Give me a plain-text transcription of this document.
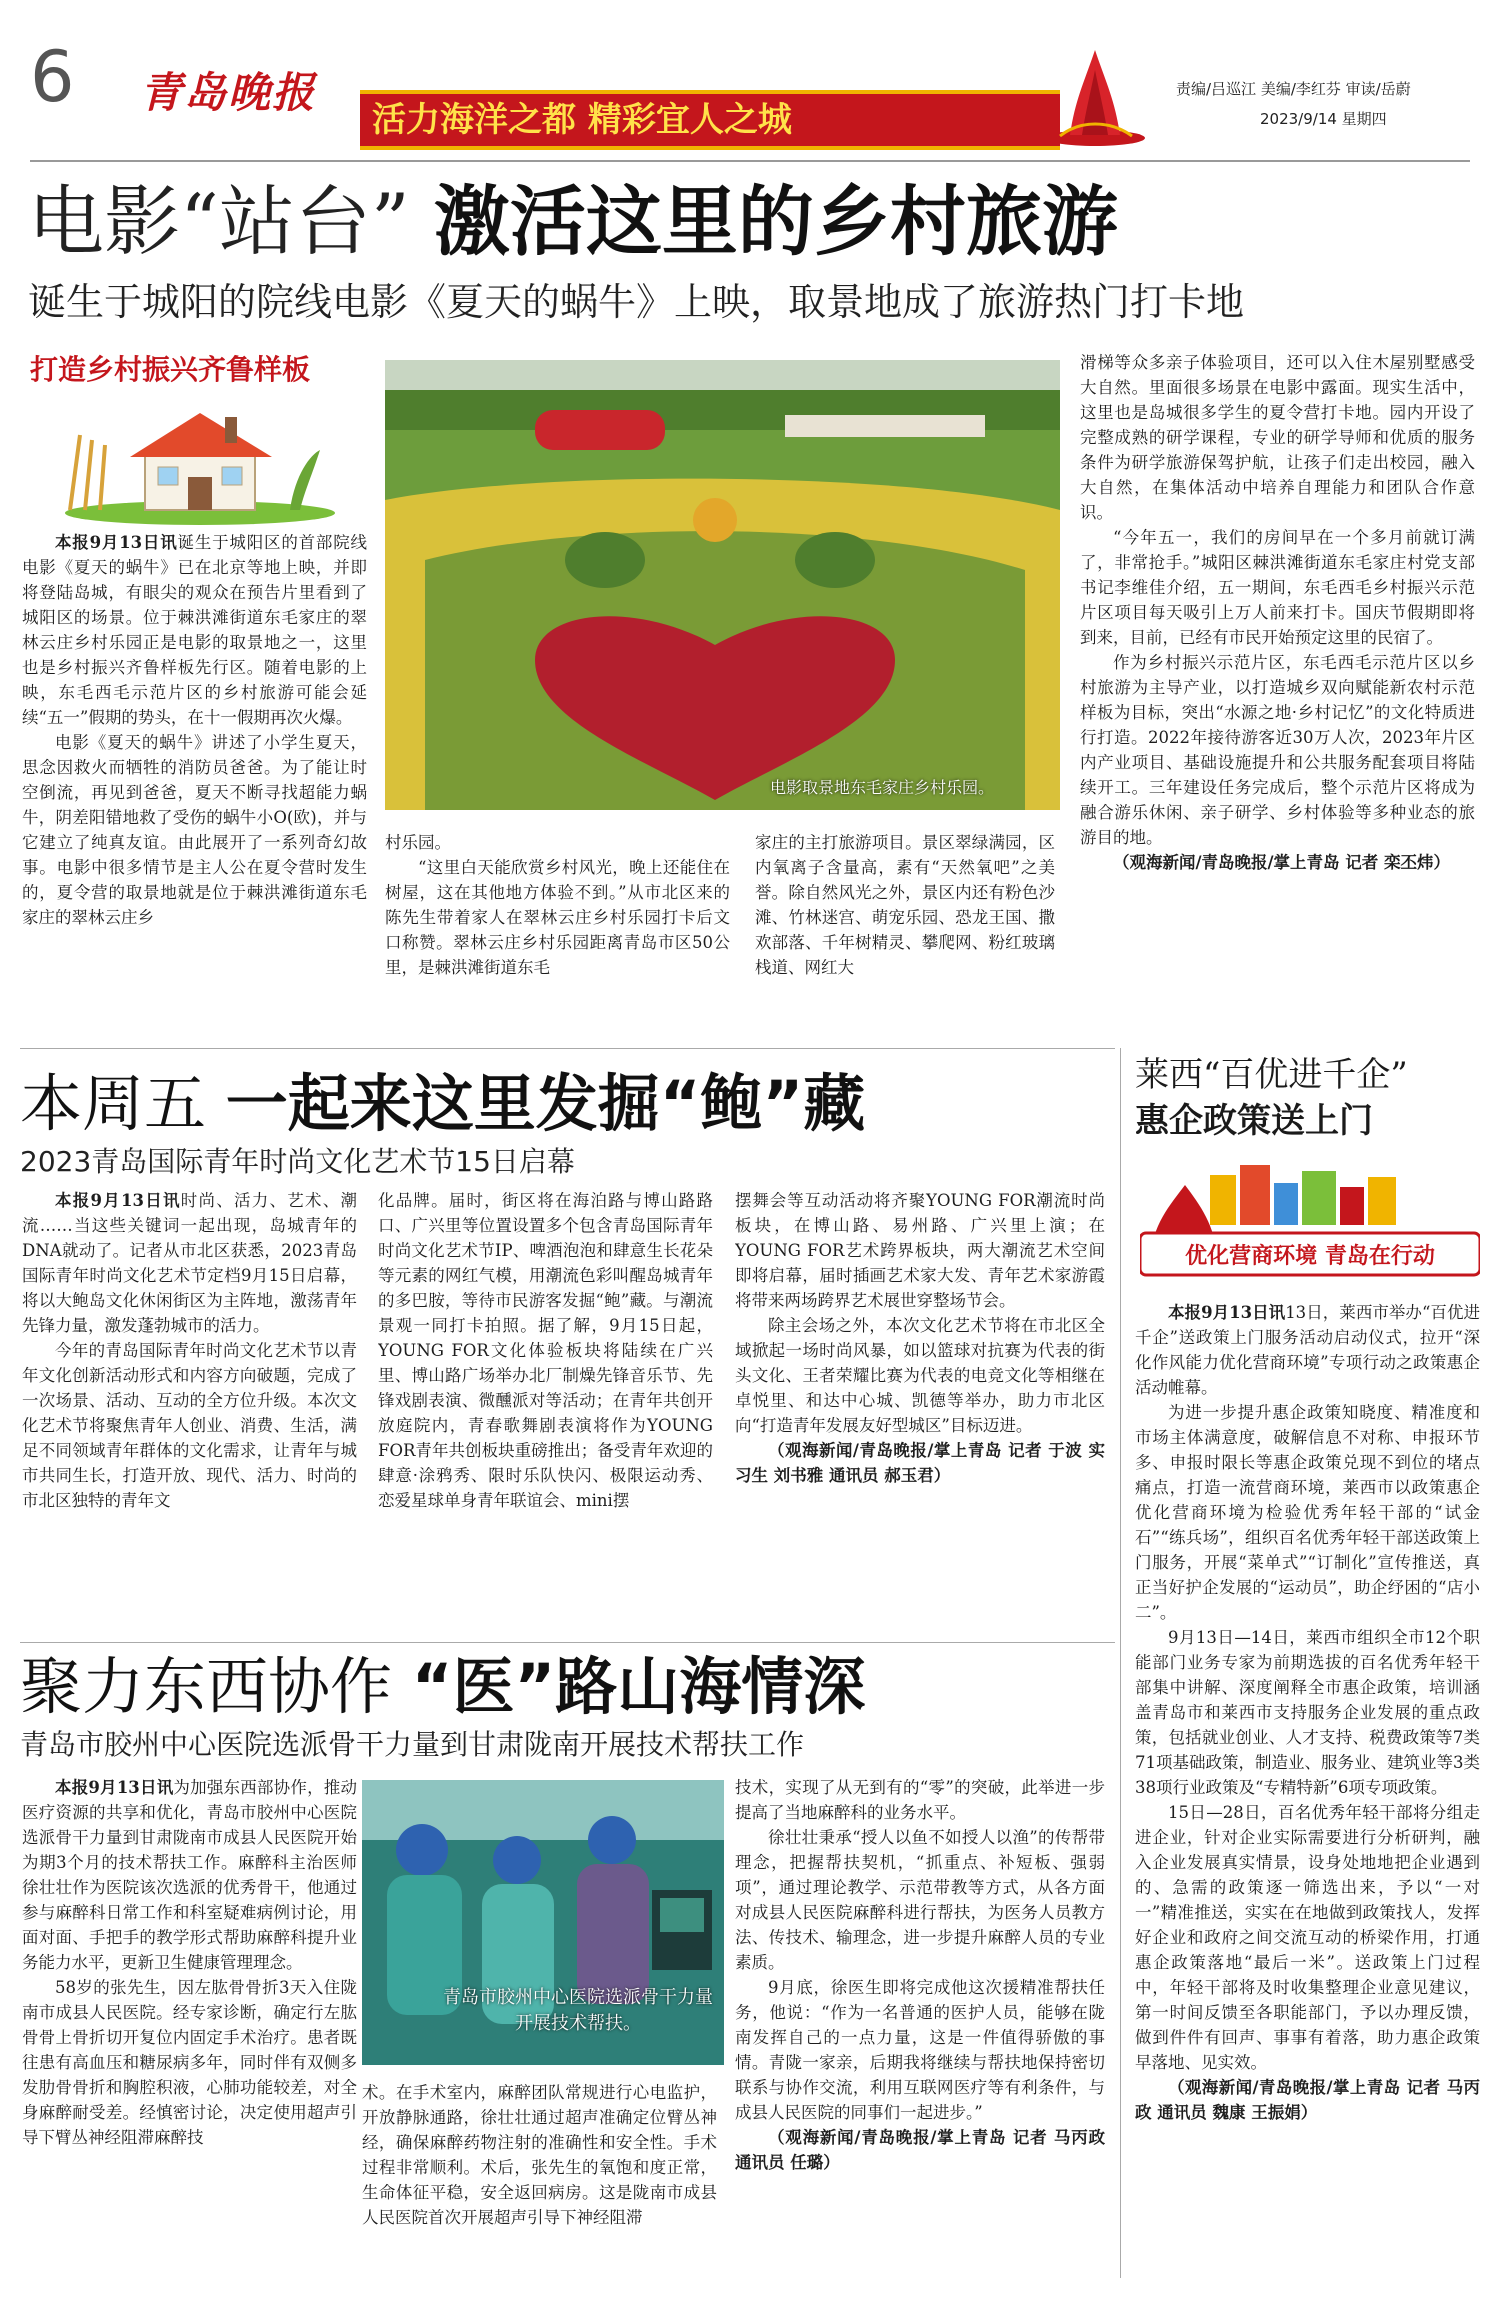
6	青岛晚报
活力海洋之都 精彩宜人之城
责编/吕巡江 美编/李红芬 审读/岳蔚
2023/9/14 星期四
电影“站台” 激活这里的乡村旅游
诞生于城阳的院线电影《夏天的蜗牛》上映，取景地成了旅游热门打卡地
打造乡村振兴齐鲁样板
电影取景地东毛家庄乡村乐园。

本报9月13日讯诞生于城阳区的首部院线电影《夏天的蜗牛》已在北京等地上映，并即将登陆岛城，有眼尖的观众在预告片里看到了城阳区的场景。位于棘洪滩街道东毛家庄的翠林云庄乡村乐园正是电影的取景地之一，这里也是乡村振兴齐鲁样板先行区。随着电影的上映，东毛西毛示范片区的乡村旅游可能会延续“五一”假期的势头，在十一假期再次火爆。

电影《夏天的蜗牛》讲述了小学生夏天，思念因救火而牺牲的消防员爸爸。为了能让时空倒流，再见到爸爸，夏天不断寻找超能力蜗牛，阴差阳错地救了受伤的蜗牛小O(欧)，并与它建立了纯真友谊。由此展开了一系列奇幻故事。电影中很多情节是主人公在夏令营时发生的，夏令营的取景地就是位于棘洪滩街道东毛家庄的翠林云庄乡

村乐园。

“这里白天能欣赏乡村风光，晚上还能住在树屋，这在其他地方体验不到。”从市北区来的陈先生带着家人在翠林云庄乡村乐园打卡后文口称赞。翠林云庄乡村乐园距离青岛市区50公里，是棘洪滩街道东毛

家庄的主打旅游项目。景区翠绿满园，区内氧离子含量高，素有“天然氧吧”之美誉。除自然风光之外，景区内还有粉色沙滩、竹林迷宫、萌宠乐园、恐龙王国、撒欢部落、千年树精灵、攀爬网、粉红玻璃栈道、网红大

滑梯等众多亲子体验项目，还可以入住木屋别墅感受大自然。里面很多场景在电影中露面。现实生活中，这里也是岛城很多学生的夏令营打卡地。园内开设了完整成熟的研学课程，专业的研学导师和优质的服务条件为研学旅游保驾护航，让孩子们走出校园，融入大自然，在集体活动中培养自理能力和团队合作意识。

“今年五一，我们的房间早在一个多月前就订满了，非常抢手。”城阳区棘洪滩街道东毛家庄村党支部书记李维佳介绍，五一期间，东毛西毛乡村振兴示范片区项目每天吸引上万人前来打卡。国庆节假期即将到来，目前，已经有市民开始预定这里的民宿了。

作为乡村振兴示范片区，东毛西毛示范片区以乡村旅游为主导产业，以打造城乡双向赋能新农村示范样板为目标，突出“水源之地·乡村记忆”的文化特质进行打造。2022年接待游客近30万人次，2023年片区内产业项目、基础设施提升和公共服务配套项目将陆续开工。三年建设任务完成后，整个示范片区将成为融合游乐休闲、亲子研学、乡村体验等多种业态的旅游目的地。

（观海新闻/青岛晚报/掌上青岛 记者 栾丕炜）

本周五 一起来这里发掘“鲍”藏
2023青岛国际青年时尚文化艺术节15日启幕

本报9月13日讯时尚、活力、艺术、潮流……当这些关键词一起出现，岛城青年的DNA就动了。记者从市北区获悉，2023青岛国际青年时尚文化艺术节定档9月15日启幕，将以大鲍岛文化休闲街区为主阵地，激荡青年先锋力量，激发蓬勃城市的活力。

今年的青岛国际青年时尚文化艺术节以青年文化创新活动形式和内容方向破题，完成了一次场景、活动、互动的全方位升级。本次文化艺术节将聚焦青年人创业、消费、生活，满足不同领域青年群体的文化需求，让青年与城市共同生长，打造开放、现代、活力、时尚的市北区独特的青年文

化品牌。届时，街区将在海泊路与博山路路口、广兴里等位置设置多个包含青岛国际青年时尚文化艺术节IP、啤酒泡泡和肆意生长花朵等元素的网红气模，用潮流色彩叫醒岛城青年的多巴胺，等待市民游客发掘“鲍”藏。与潮流景观一同打卡拍照。据了解，9月15日起，YOUNG FOR文化体验板块将陆续在广兴里、博山路广场举办北厂制燥先锋音乐节、先锋戏剧表演、微醺派对等活动；在青年共创开放庭院内，青春歌舞剧表演将作为YOUNG FOR青年共创板块重磅推出；备受青年欢迎的肆意·涂鸦秀、限时乐队快闪、极限运动秀、恋爱星球单身青年联谊会、mini摆

摆舞会等互动活动将齐聚YOUNG FOR潮流时尚板块，在博山路、易州路、广兴里上演；在YOUNG FOR艺术跨界板块，两大潮流艺术空间即将启幕，届时插画艺术家大发、青年艺术家游霞将带来两场跨界艺术展世穿整场节会。

除主会场之外，本次文化艺术节将在市北区全域掀起一场时尚风暴，如以篮球对抗赛为代表的街头文化、王者荣耀比赛为代表的电竞文化等相继在卓悦里、和达中心城、凯德等举办，助力市北区向“打造青年发展友好型城区”目标迈进。

（观海新闻/青岛晚报/掌上青岛 记者 于波 实习生 刘书雅 通讯员 郝玉君）

聚力东西协作 “医”路山海情深
青岛市胶州中心医院选派骨干力量到甘肃陇南开展技术帮扶工作

本报9月13日讯为加强东西部协作，推动医疗资源的共享和优化，青岛市胶州中心医院选派骨干力量到甘肃陇南市成县人民医院开始为期3个月的技术帮扶工作。麻醉科主治医师徐壮壮作为医院该次选派的优秀骨干，他通过参与麻醉科日常工作和科室疑难病例讨论，用面对面、手把手的教学形式帮助麻醉科提升业务能力水平，更新卫生健康管理理念。

58岁的张先生，因左肱骨骨折3天入住陇南市成县人民医院。经专家诊断，确定行左肱骨骨上骨折切开复位内固定手术治疗。患者既往患有高血压和糖尿病多年，同时伴有双侧多发肋骨骨折和胸腔积液，心肺功能较差，对全身麻醉耐受差。经慎密讨论，决定使用超声引导下臂丛神经阻滞麻醉技

青岛市胶州中心医院选派骨干力量开展技术帮扶。

术。在手术室内，麻醉团队常规进行心电监护，开放静脉通路，徐壮壮通过超声准确定位臂丛神经，确保麻醉药物注射的准确性和安全性。手术过程非常顺利。术后，张先生的氧饱和度正常，生命体征平稳，安全返回病房。这是陇南市成县人民医院首次开展超声引导下神经阻滞

技术，实现了从无到有的“零”的突破，此举进一步提高了当地麻醉科的业务水平。

徐壮壮秉承“授人以鱼不如授人以渔”的传帮带理念，把握帮扶契机，“抓重点、补短板、强弱项”，通过理论教学、示范带教等方式，从各方面对成县人民医院麻醉科进行帮扶，为医务人员教方法、传技术、输理念，进一步提升麻醉人员的专业素质。

9月底，徐医生即将完成他这次援精准帮扶任务，他说：“作为一名普通的医护人员，能够在陇南发挥自己的一点力量，这是一件值得骄傲的事情。青陇一家亲，后期我将继续与帮扶地保持密切联系与协作交流，利用互联网医疗等有利条件，与成县人民医院的同事们一起进步。”

（观海新闻/青岛晚报/掌上青岛 记者 马丙政 通讯员 任璐）

莱西“百优进千企”
惠企政策送上门
优化营商环境 青岛在行动

本报9月13日讯13日，莱西市举办“百优进千企”送政策上门服务活动启动仪式，拉开“深化作风能力优化营商环境”专项行动之政策惠企活动帷幕。

为进一步提升惠企政策知晓度、精准度和市场主体满意度，破解信息不对称、申报环节多、申报时限长等惠企政策兑现不到位的堵点痛点，打造一流营商环境，莱西市以政策惠企优化营商环境为检验优秀年轻干部的“试金石”“练兵场”，组织百名优秀年轻干部送政策上门服务，开展“菜单式”“订制化”宣传推送，真正当好护企发展的“运动员”，助企纾困的“店小二”。

9月13日—14日，莱西市组织全市12个职能部门业务专家为前期选拔的百名优秀年轻干部集中讲解、深度阐释全市惠企政策，培训涵盖青岛市和莱西市支持服务企业发展的重点政策，包括就业创业、人才支持、税费政策等7类71项基础政策，制造业、服务业、建筑业等3类38项行业政策及“专精特新”6项专项政策。

15日—28日，百名优秀年轻干部将分组走进企业，针对企业实际需要进行分析研判，融入企业发展真实情景，设身处地地把企业遇到的、急需的政策逐一筛选出来，予以“一对一”精准推送，实实在在地做到政策找人，发挥好企业和政府之间交流互动的桥梁作用，打通惠企政策落地“最后一米”。送政策上门过程中，年轻干部将及时收集整理企业意见建议，第一时间反馈至各职能部门，予以办理反馈，做到件件有回声、事事有着落，助力惠企政策早落地、见实效。

（观海新闻/青岛晚报/掌上青岛 记者 马丙政 通讯员 魏康 王振娟）
